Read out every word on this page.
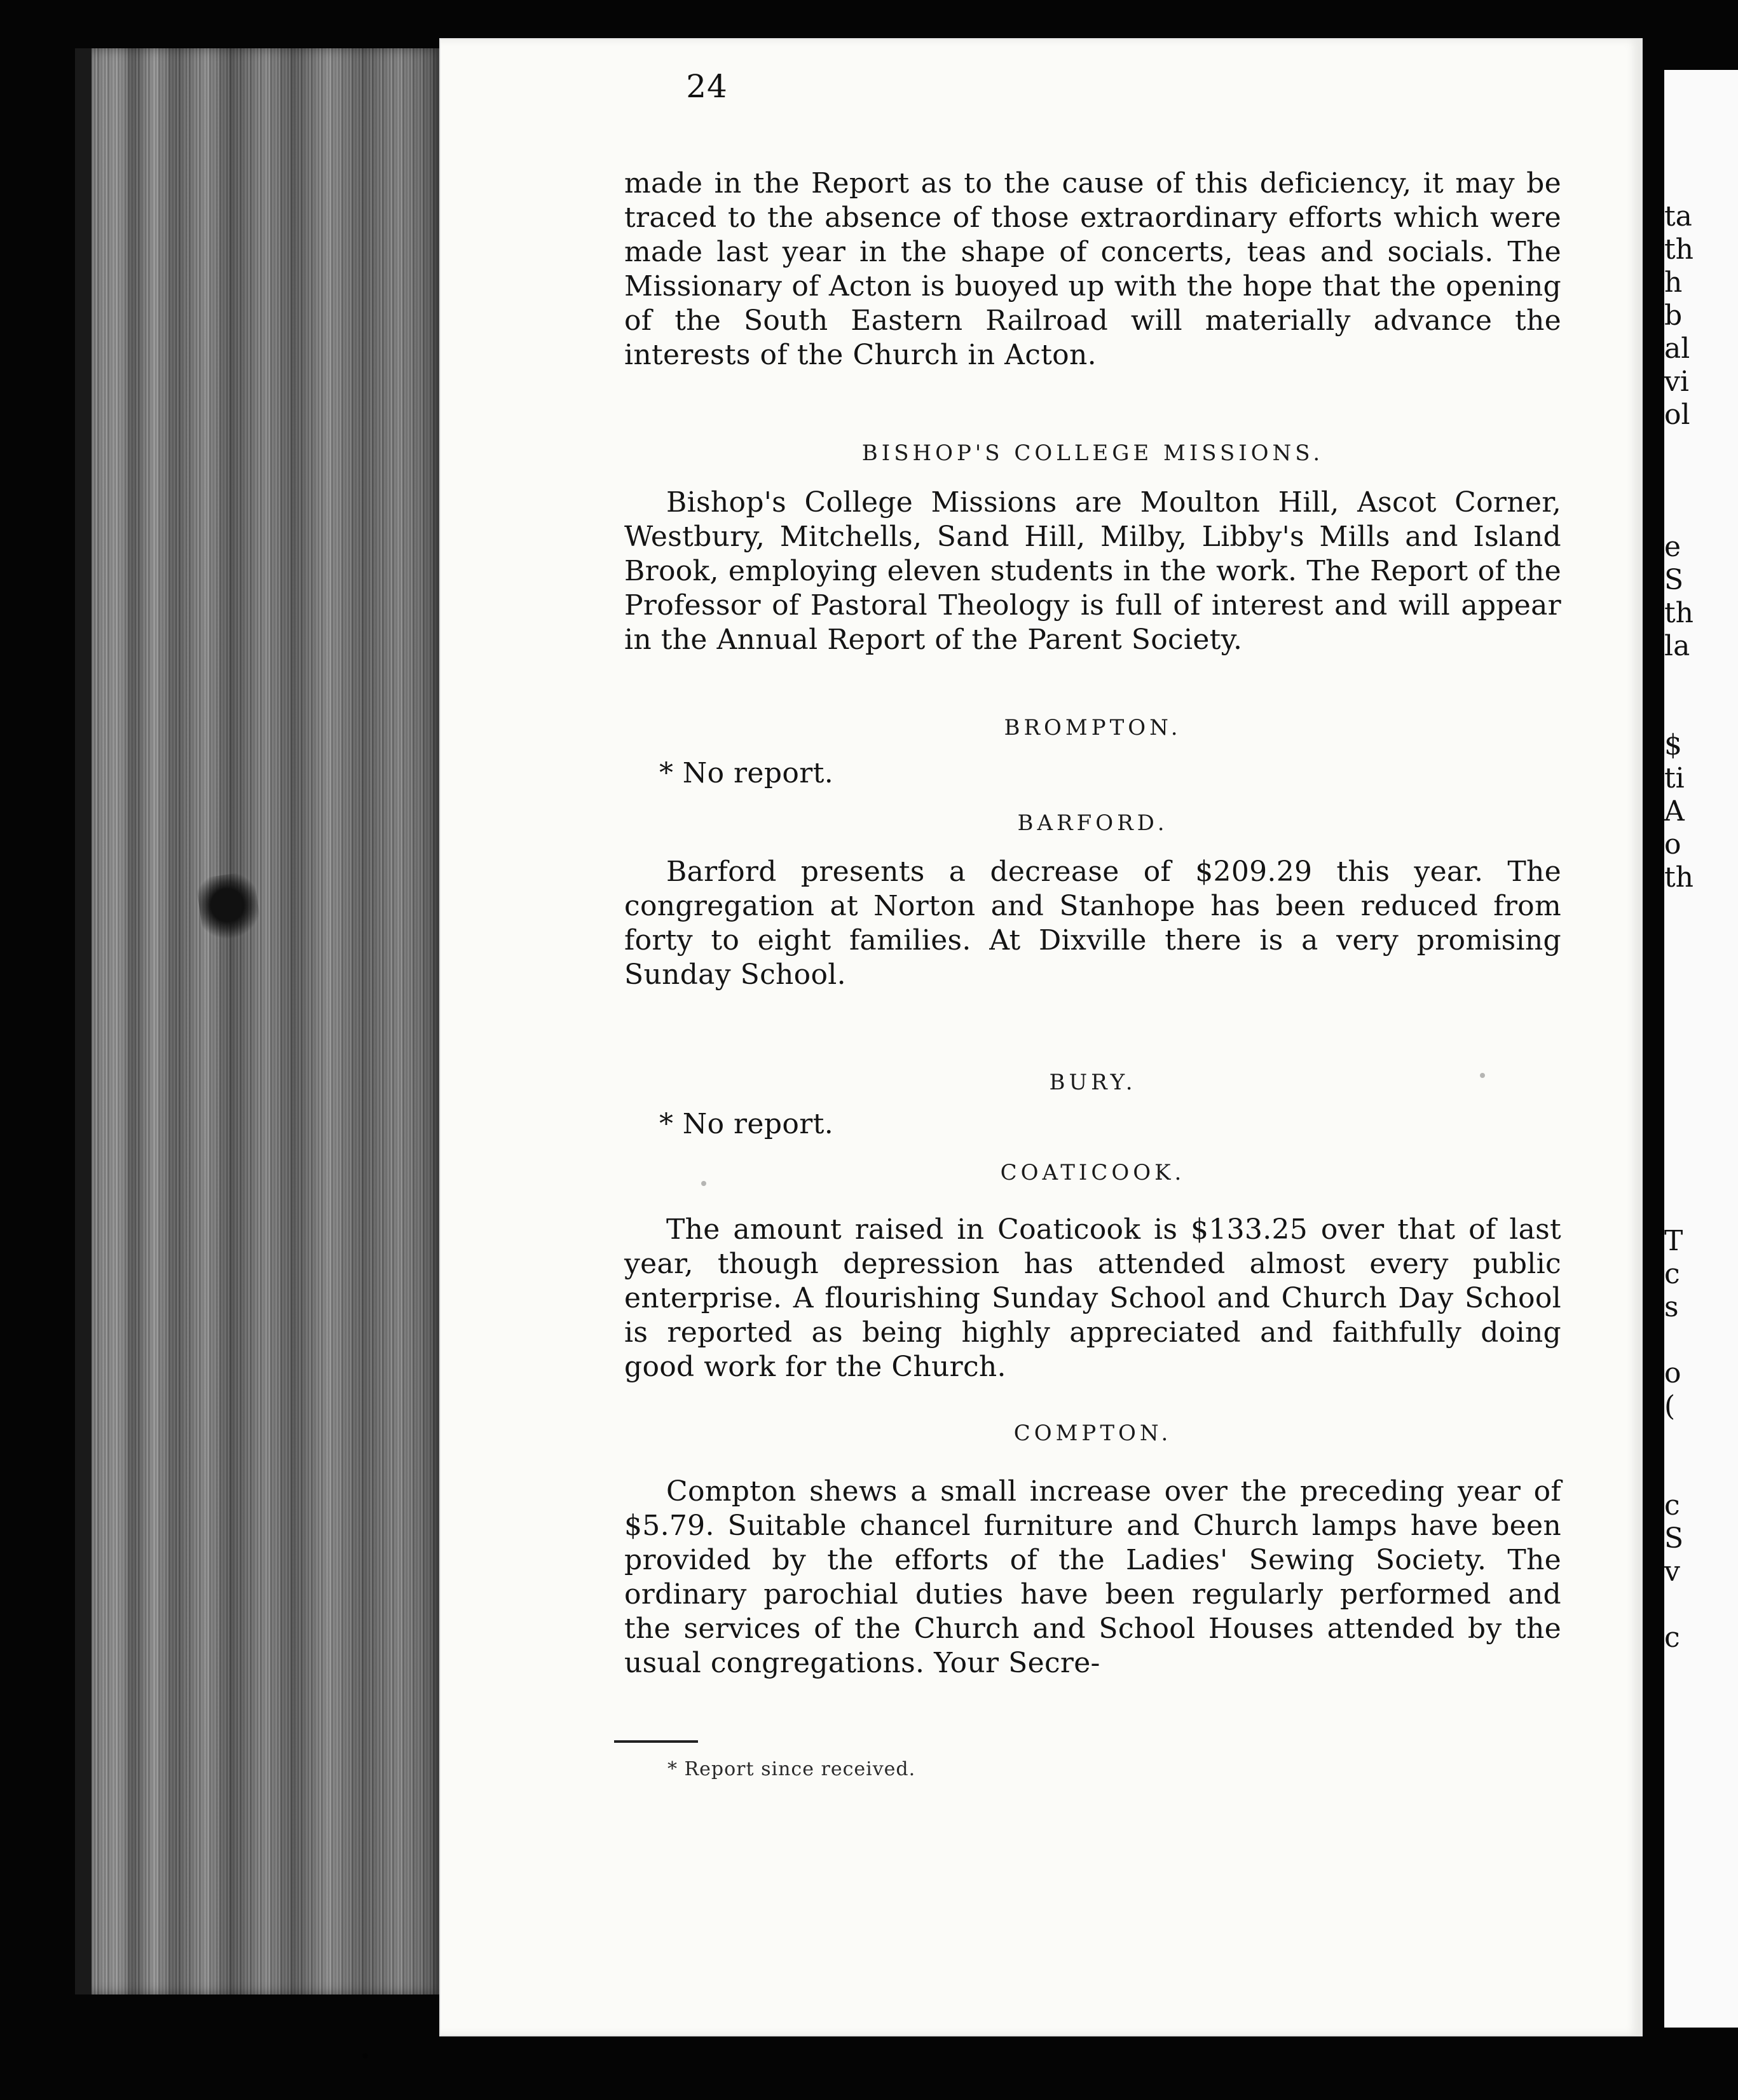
24
made in the Report as to the cause of this deficiency, it may be traced to the absence of those extraordinary efforts which were made last year in the shape of concerts, teas and socials. The Missionary of Acton is buoyed up with the hope that the opening of the South Eastern Railroad will materially advance the interests of the Church in Acton.
BISHOP'S COLLEGE MISSIONS.
Bishop's College Missions are Moulton Hill, Ascot Corner, Westbury, Mitchells, Sand Hill, Milby, Libby's Mills and Island Brook, employing eleven students in the work. The Report of the Professor of Pastoral Theology is full of interest and will appear in the Annual Report of the Parent Society.
BROMPTON.
* No report.
BARFORD.
Barford presents a decrease of $209.29 this year. The congregation at Norton and Stanhope has been reduced from forty to eight families. At Dixville there is a very promising Sunday School.
BURY.
* No report.
COATICOOK.
The amount raised in Coaticook is $133.25 over that of last year, though depression has attended almost every public enterprise. A flourishing Sunday School and Church Day School is reported as being highly appreciated and faithfully doing good work for the Church.
COMPTON.
Compton shews a small increase over the preceding year of $5.79. Suitable chancel furniture and Church lamps have been provided by the efforts of the Ladies' Sewing Society. The ordinary parochial duties have been regularly performed and the services of the Church and School Houses attended by the usual congregations. Your Secre-
* Report since received.
ta
th
h
b
al
vi
ol

e
S
th
la

$
ti
A
o
th

T
c
s

o
(

c
S
v

c
